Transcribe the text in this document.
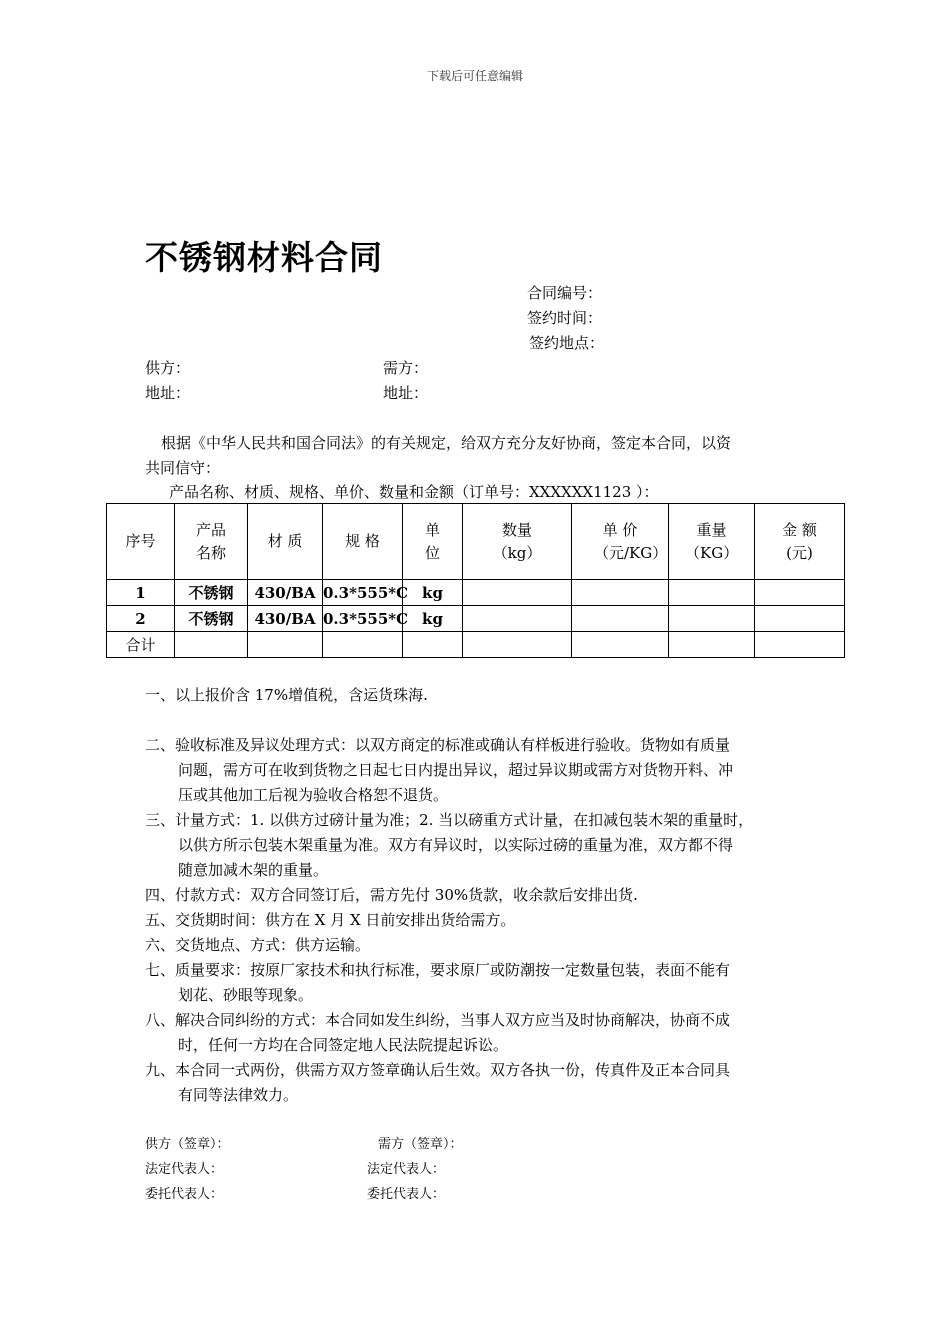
下载后可任意编辑
不锈钢材料合同
合同编号：
签约时间：
签约地点：
供方：	需方：
地址：	地址：
根据《中华人民共和国合同法》的有关规定，给双方充分友好协商，签定本合同，以资
共同信守：
产品名称、材质、规格、单价、数量和金额（订单号：XXXXXX1123 ）：
序号	产品名称	材 质	规 格	单位	数量（kg）	单 价（元/KG）	重量（KG）	金 额(元)
1	不锈钢	430/BA	0.3*555*C	kg				
2	不锈钢	430/BA	0.3*555*C	kg				
合计								
一、以上报价含 17%增值税，含运货珠海.
二、验收标准及异议处理方式：以双方商定的标准或确认有样板进行验收。货物如有质量
问题，需方可在收到货物之日起七日内提出异议，超过异议期或需方对货物开料、冲
压或其他加工后视为验收合格恕不退货。
三、计量方式：1. 以供方过磅计量为准；2. 当以磅重方式计量，在扣减包装木架的重量时，
以供方所示包装木架重量为准。双方有异议时，以实际过磅的重量为准，双方都不得
随意加减木架的重量。
四、付款方式：双方合同签订后，需方先付 30%货款，收余款后安排出货.
五、交货期时间：供方在 X 月 X 日前安排出货给需方。
六、交货地点、方式：供方运输。
七、质量要求：按原厂家技术和执行标准，要求原厂或防潮按一定数量包装，表面不能有
划花、砂眼等现象。
八、解决合同纠纷的方式：本合同如发生纠纷，当事人双方应当及时协商解决，协商不成
时，任何一方均在合同签定地人民法院提起诉讼。
九、本合同一式两份，供需方双方签章确认后生效。双方各执一份，传真件及正本合同具
有同等法律效力。
供方（签章）：	需方（签章）：
法定代表人：	法定代表人：
委托代表人：	委托代表人：
